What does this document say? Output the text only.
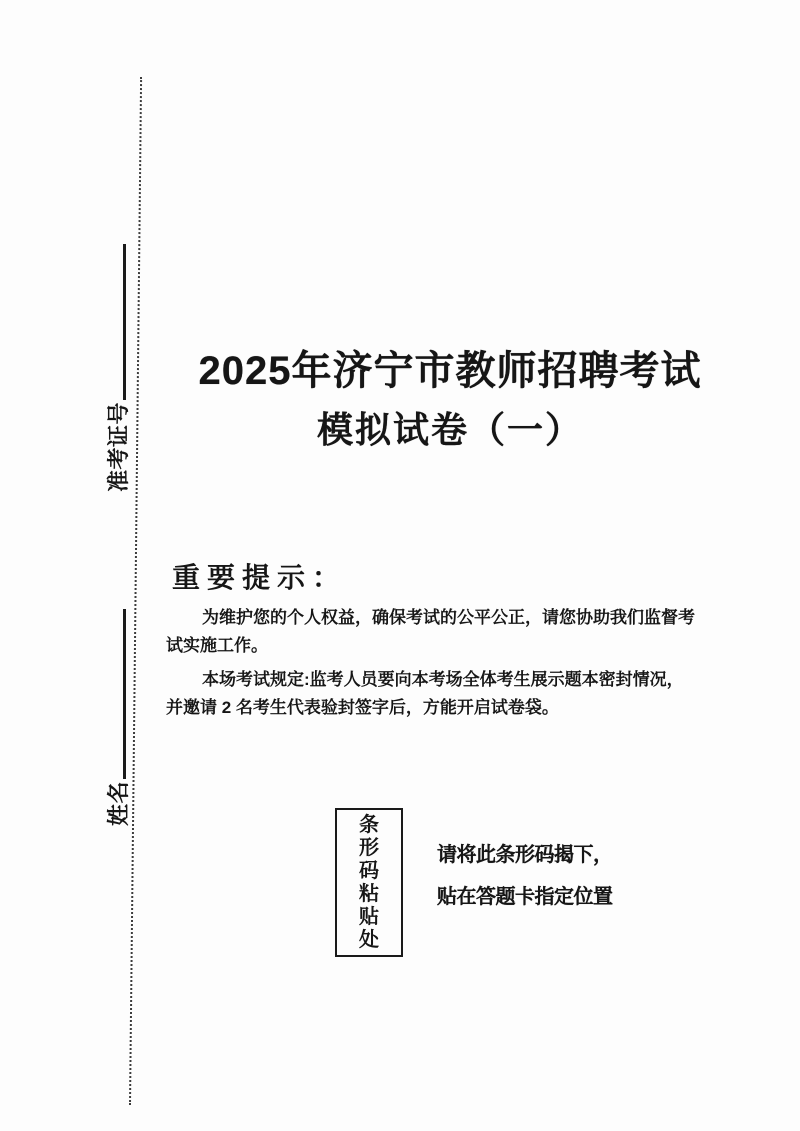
准考证号
姓名
2025年济宁市教师招聘考试
模拟试卷（一）
重要提示：
为维护您的个人权益，确保考试的公平公正，请您协助我们监督考
试实施工作。
本场考试规定:监考人员要向本考场全体考生展示题本密封情况，
并邀请 2 名考生代表验封签字后，方能开启试卷袋。
条
形
码
粘
贴
处
请将此条形码揭下，
贴在答题卡指定位置
